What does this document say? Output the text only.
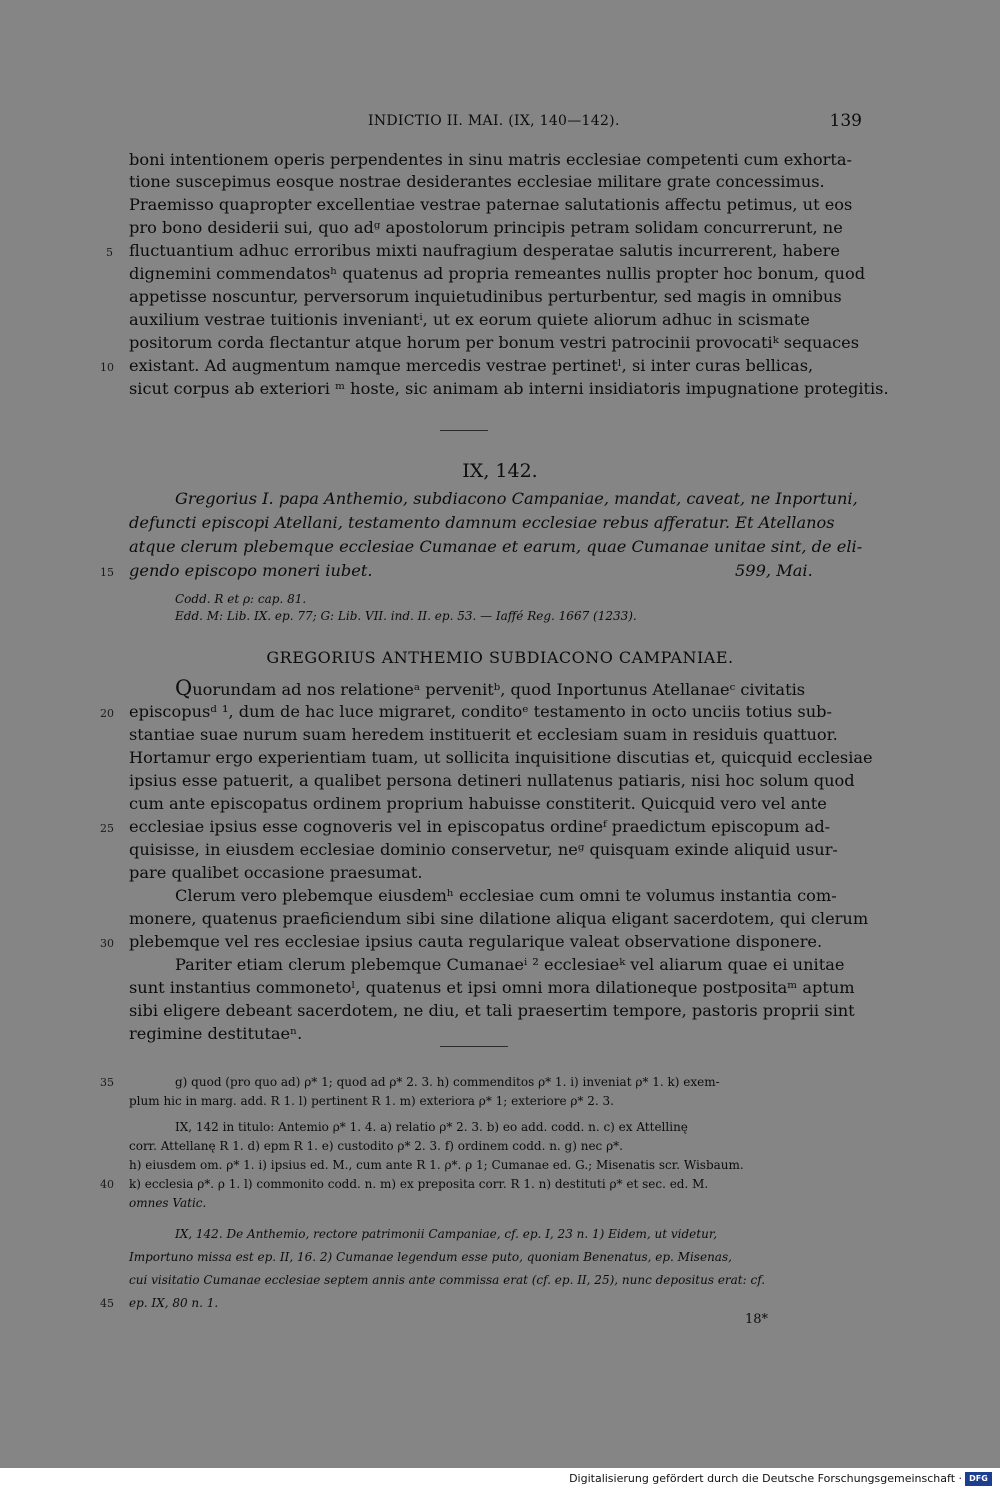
INDICTIO II. MAI. (IX, 140—142).	139
boni intentionem operis perpendentes in sinu matris ecclesiae competenti cum exhorta-
tione suscepimus eosque nostrae desiderantes ecclesiae militare grate concessimus.
Praemisso quapropter excellentiae vestrae paternae salutationis affectu petimus, ut eos
pro bono desiderii sui, quo adᵍ apostolorum principis petram solidam concurrerunt, ne
fluctuantium adhuc erroribus mixti naufragium desperatae salutis incurrerent, habere
dignemini commendatosʰ quatenus ad propria remeantes nullis propter hoc bonum, quod
appetisse noscuntur, perversorum inquietudinibus perturbentur, sed magis in omnibus
auxilium vestrae tuitionis inveniantⁱ, ut ex eorum quiete aliorum adhuc in scismate
positorum corda flectantur atque horum per bonum vestri patrocinii provocatiᵏ sequaces
existant. Ad augmentum namque mercedis vestrae pertinetˡ, si inter curas bellicas,
sicut corpus ab exteriori ᵐ hoste, sic animam ab interni insidiatoris impugnatione protegitis.
IX, 142.
Gregorius I. papa Anthemio, subdiacono Campaniae, mandat, caveat, ne Inportuni,
defuncti episcopi Atellani, testamento damnum ecclesiae rebus afferatur. Et Atellanos
atque clerum plebemque ecclesiae Cumanae et earum, quae Cumanae unitae sint, de eli-
gendo episcopo moneri iubet.	599, Mai.
Codd. R et ρ: cap. 81.
Edd. M: Lib. IX. ep. 77; G: Lib. VII. ind. II. ep. 53. — Iaffé Reg. 1667 (1233).
GREGORIUS ANTHEMIO SUBDIACONO CAMPANIAE.
Quorundam ad nos relationeᵃ pervenitᵇ, quod Inportunus Atellanaeᶜ civitatis
episcopusᵈ ¹, dum de hac luce migraret, conditoᵉ testamento in octo unciis totius sub-
stantiae suae nurum suam heredem instituerit et ecclesiam suam in residuis quattuor.
Hortamur ergo experientiam tuam, ut sollicita inquisitione discutias et, quicquid ecclesiae
ipsius esse patuerit, a qualibet persona detineri nullatenus patiaris, nisi hoc solum quod
cum ante episcopatus ordinem proprium habuisse constiterit. Quicquid vero vel ante
ecclesiae ipsius esse cognoveris vel in episcopatus ordineᶠ praedictum episcopum ad-
quisisse, in eiusdem ecclesiae dominio conservetur, neᵍ quisquam exinde aliquid usur-
pare qualibet occasione praesumat.
Clerum vero plebemque eiusdemʰ ecclesiae cum omni te volumus instantia com-
monere, quatenus praeficiendum sibi sine dilatione aliqua eligant sacerdotem, qui clerum
plebemque vel res ecclesiae ipsius cauta regularique valeat observatione disponere.
Pariter etiam clerum plebemque Cumanaeⁱ ² ecclesiaeᵏ vel aliarum quae ei unitae
sunt instantius commonetoˡ, quatenus et ipsi omni mora dilationeque postpositaᵐ aptum
sibi eligere debeant sacerdotem, ne diu, et tali praesertim tempore, pastoris proprii sint
regimine destitutaeⁿ.
g) quod (pro quo ad) ρ* 1; quod ad ρ* 2. 3. h) commenditos ρ* 1. i) inveniat ρ* 1. k) exem-
plum hic in marg. add. R 1. l) pertinent R 1. m) exteriora ρ* 1; exteriore ρ* 2. 3.
IX, 142 in titulo: Antemio ρ* 1. 4. a) relatio ρ* 2. 3. b) eo add. codd. n. c) ex Attellinę
corr. Attellanę R 1. d) epm R 1. e) custodito ρ* 2. 3. f) ordinem codd. n. g) nec ρ*.
h) eiusdem om. ρ* 1. i) ipsius ed. M., cum ante R 1. ρ*. ρ 1; Cumanae ed. G.; Misenatis scr. Wisbaum.
k) ecclesia ρ*. ρ 1. l) commonito codd. n. m) ex preposita corr. R 1. n) destituti ρ* et sec. ed. M.
omnes Vatic.
IX, 142. De Anthemio, rectore patrimonii Campaniae, cf. ep. I, 23 n. 1) Eidem, ut videtur,
Importuno missa est ep. II, 16. 2) Cumanae legendum esse puto, quoniam Benenatus, ep. Misenas,
cui visitatio Cumanae ecclesiae septem annis ante commissa erat (cf. ep. II, 25), nunc depositus erat: cf.
ep. IX, 80 n. 1.
18*
5
10
15
20
25
30
35
40
45
Digitalisierung gefördert durch die Deutsche Forschungsgemeinschaft · DFG
